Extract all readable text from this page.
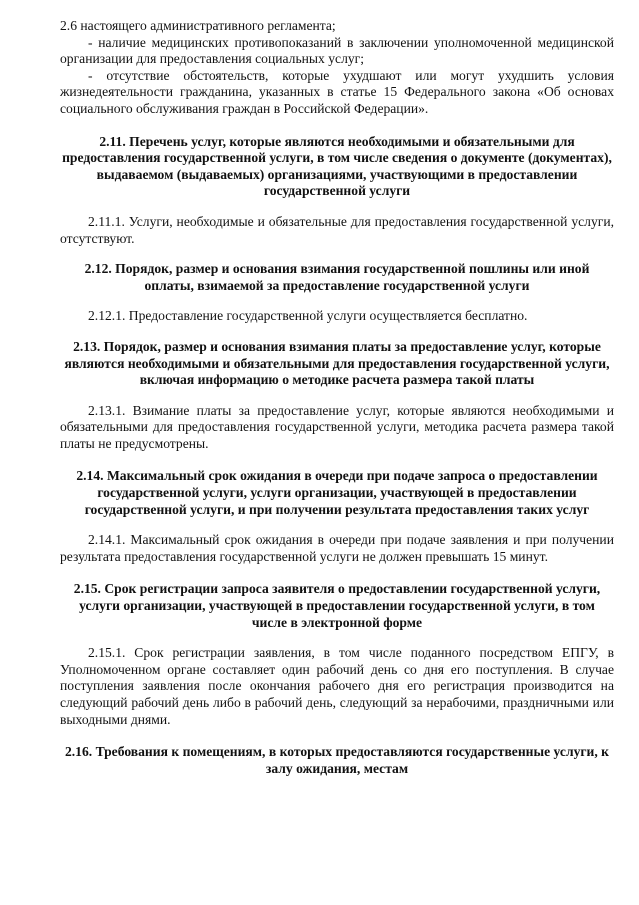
2.6 настоящего административного регламента;

- наличие медицинских противопоказаний в заключении уполномоченной медицинской организации для предоставления социальных услуг;

- отсутствие обстоятельств, которые ухудшают или могут ухудшить условия жизнедеятельности гражданина, указанных в статье 15 Федерального закона «Об основах социального обслуживания граждан в Российской Федерации».

2.11. Перечень услуг, которые являются необходимыми и обязательными для предоставления государственной услуги, в том числе сведения о документе (документах), выдаваемом (выдаваемых) организациями, участвующими в предоставлении государственной услуги

2.11.1. Услуги, необходимые и обязательные для предоставления государственной услуги, отсутствуют.

2.12. Порядок, размер и основания взимания государственной пошлины или иной оплаты, взимаемой за предоставление государственной услуги

2.12.1. Предоставление государственной услуги осуществляется бесплатно.

2.13. Порядок, размер и основания взимания платы за предоставление услуг, которые являются необходимыми и обязательными для предоставления государственной услуги, включая информацию о методике расчета размера такой платы

2.13.1. Взимание платы за предоставление услуг, которые являются необходимыми и обязательными для предоставления государственной услуги, методика расчета размера такой платы не предусмотрены.

2.14. Максимальный срок ожидания в очереди при подаче запроса о предоставлении государственной услуги, услуги организации, участвующей в предоставлении государственной услуги, и при получении результата предоставления таких услуг

2.14.1. Максимальный срок ожидания в очереди при подаче заявления и при получении результата предоставления государственной услуги не должен превышать 15 минут.

2.15. Срок регистрации запроса заявителя о предоставлении государственной услуги, услуги организации, участвующей в предоставлении государственной услуги, в том числе в электронной форме

2.15.1. Срок регистрации заявления, в том числе поданного посредством ЕПГУ, в Уполномоченном органе составляет один рабочий день со дня его поступления. В случае поступления заявления после окончания рабочего дня его регистрация производится на следующий рабочий день либо в рабочий день, следующий за нерабочими, праздничными или выходными днями.

2.16. Требования к помещениям, в которых предоставляются государственные услуги, к залу ожидания, местам
